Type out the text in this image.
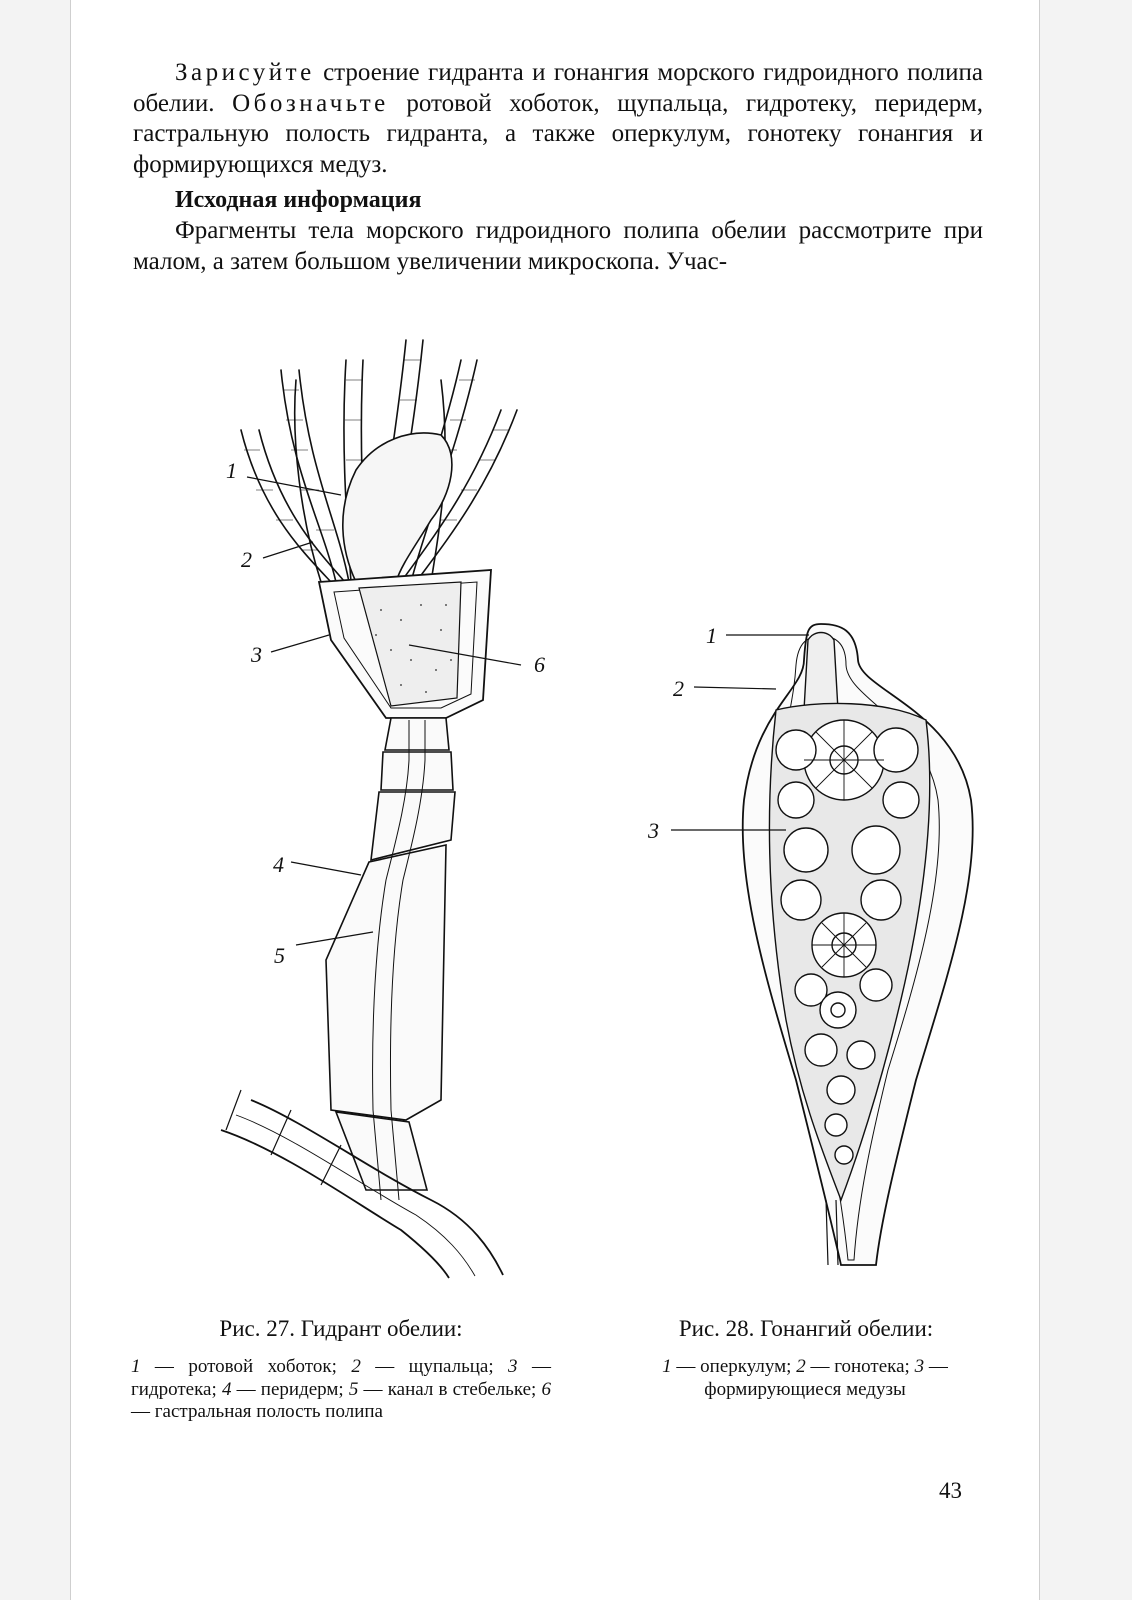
Зарисуйте строение гидранта и гонангия морского гидроидного полипа обелии. Обозначьте ротовой хоботок, щупальца, гидротеку, перидерм, гастральную полость гидранта, а также оперкулум, гонотеку гонангия и формирующихся медуз.

Исходная информация

Фрагменты тела морского гидроидного полипа обелии рассмотрите при малом, а затем большом увеличении микроскопа. Учас-

1
2
3	6
4
5
1
2
3
Рис. 27. Гидрант обелии:
1 — ротовой хоботок; 2 — щупальца; 3 — гидротека; 4 — перидерм; 5 — канал в стебельке; 6 — гастральная полость полипа
Рис. 28. Гонангий обелии:
1 — оперкулум; 2 — гонотека; 3 — формирующиеся медузы
43
